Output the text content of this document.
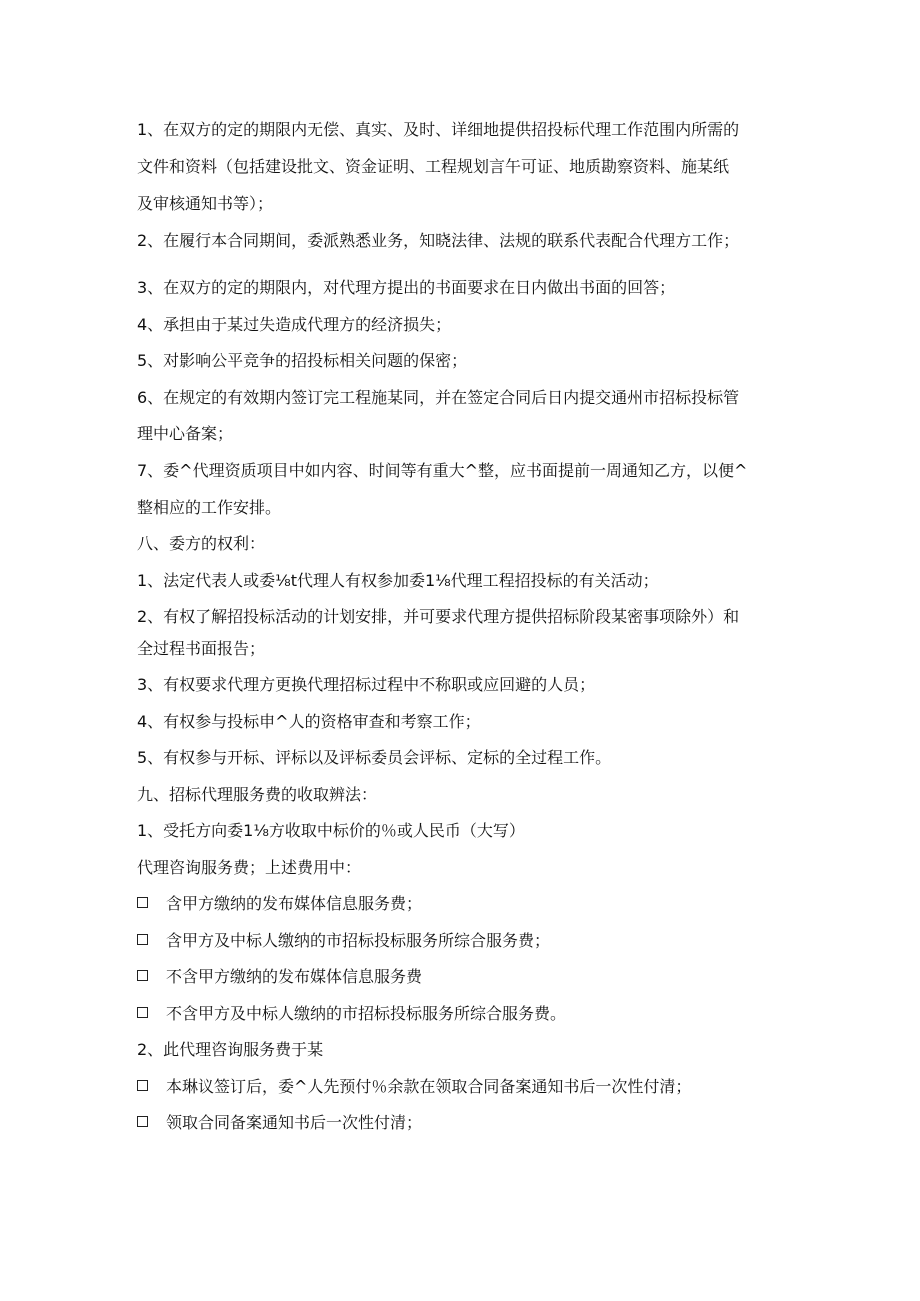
1、在双方的定的期限内无偿、真实、及时、详细地提供招投标代理工作范围内所需的
文件和资料（包括建设批文、资金证明、工程规划言午可证、地质勘察资料、施某纸
及审核通知书等）；
2、在履行本合同期间，委派熟悉业务，知晓法律、法规的联系代表配合代理方工作；
3、在双方的定的期限内，对代理方提出的书面要求在日内做出书面的回答；
4、承担由于某过失造成代理方的经济损失；
5、对影响公平竞争的招投标相关问题的保密；
6、在规定的有效期内签订完工程施某同，并在签定合同后日内提交通州市招标投标管
理中心备案；
7、委^代理资质项目中如内容、时间等有重大^整，应书面提前一周通知乙方，以便^
整相应的工作安排。
八、委方的权利：
1、法定代表人或委⅛t代理人有权参加委1⅛代理工程招投标的有关活动；
2、有权了解招投标活动的计划安排，并可要求代理方提供招标阶段某密事项除外）和
全过程书面报告；
3、有权要求代理方更换代理招标过程中不称职或应回避的人员；
4、有权参与投标申^人的资格审查和考察工作；
5、有权参与开标、评标以及评标委员会评标、定标的全过程工作。
九、招标代理服务费的收取辨法：
1、受托方向委1⅛方收取中标价的％或人民币（大写）
代理咨询服务费；上述费用中：
含甲方缴纳的发布媒体信息服务费；
含甲方及中标人缴纳的市招标投标服务所综合服务费；
不含甲方缴纳的发布媒体信息服务费
不含甲方及中标人缴纳的市招标投标服务所综合服务费。
2、此代理咨询服务费于某
本琳议签订后，委^人先预付％余款在领取合同备案通知书后一次性付清；
领取合同备案通知书后一次性付清；
